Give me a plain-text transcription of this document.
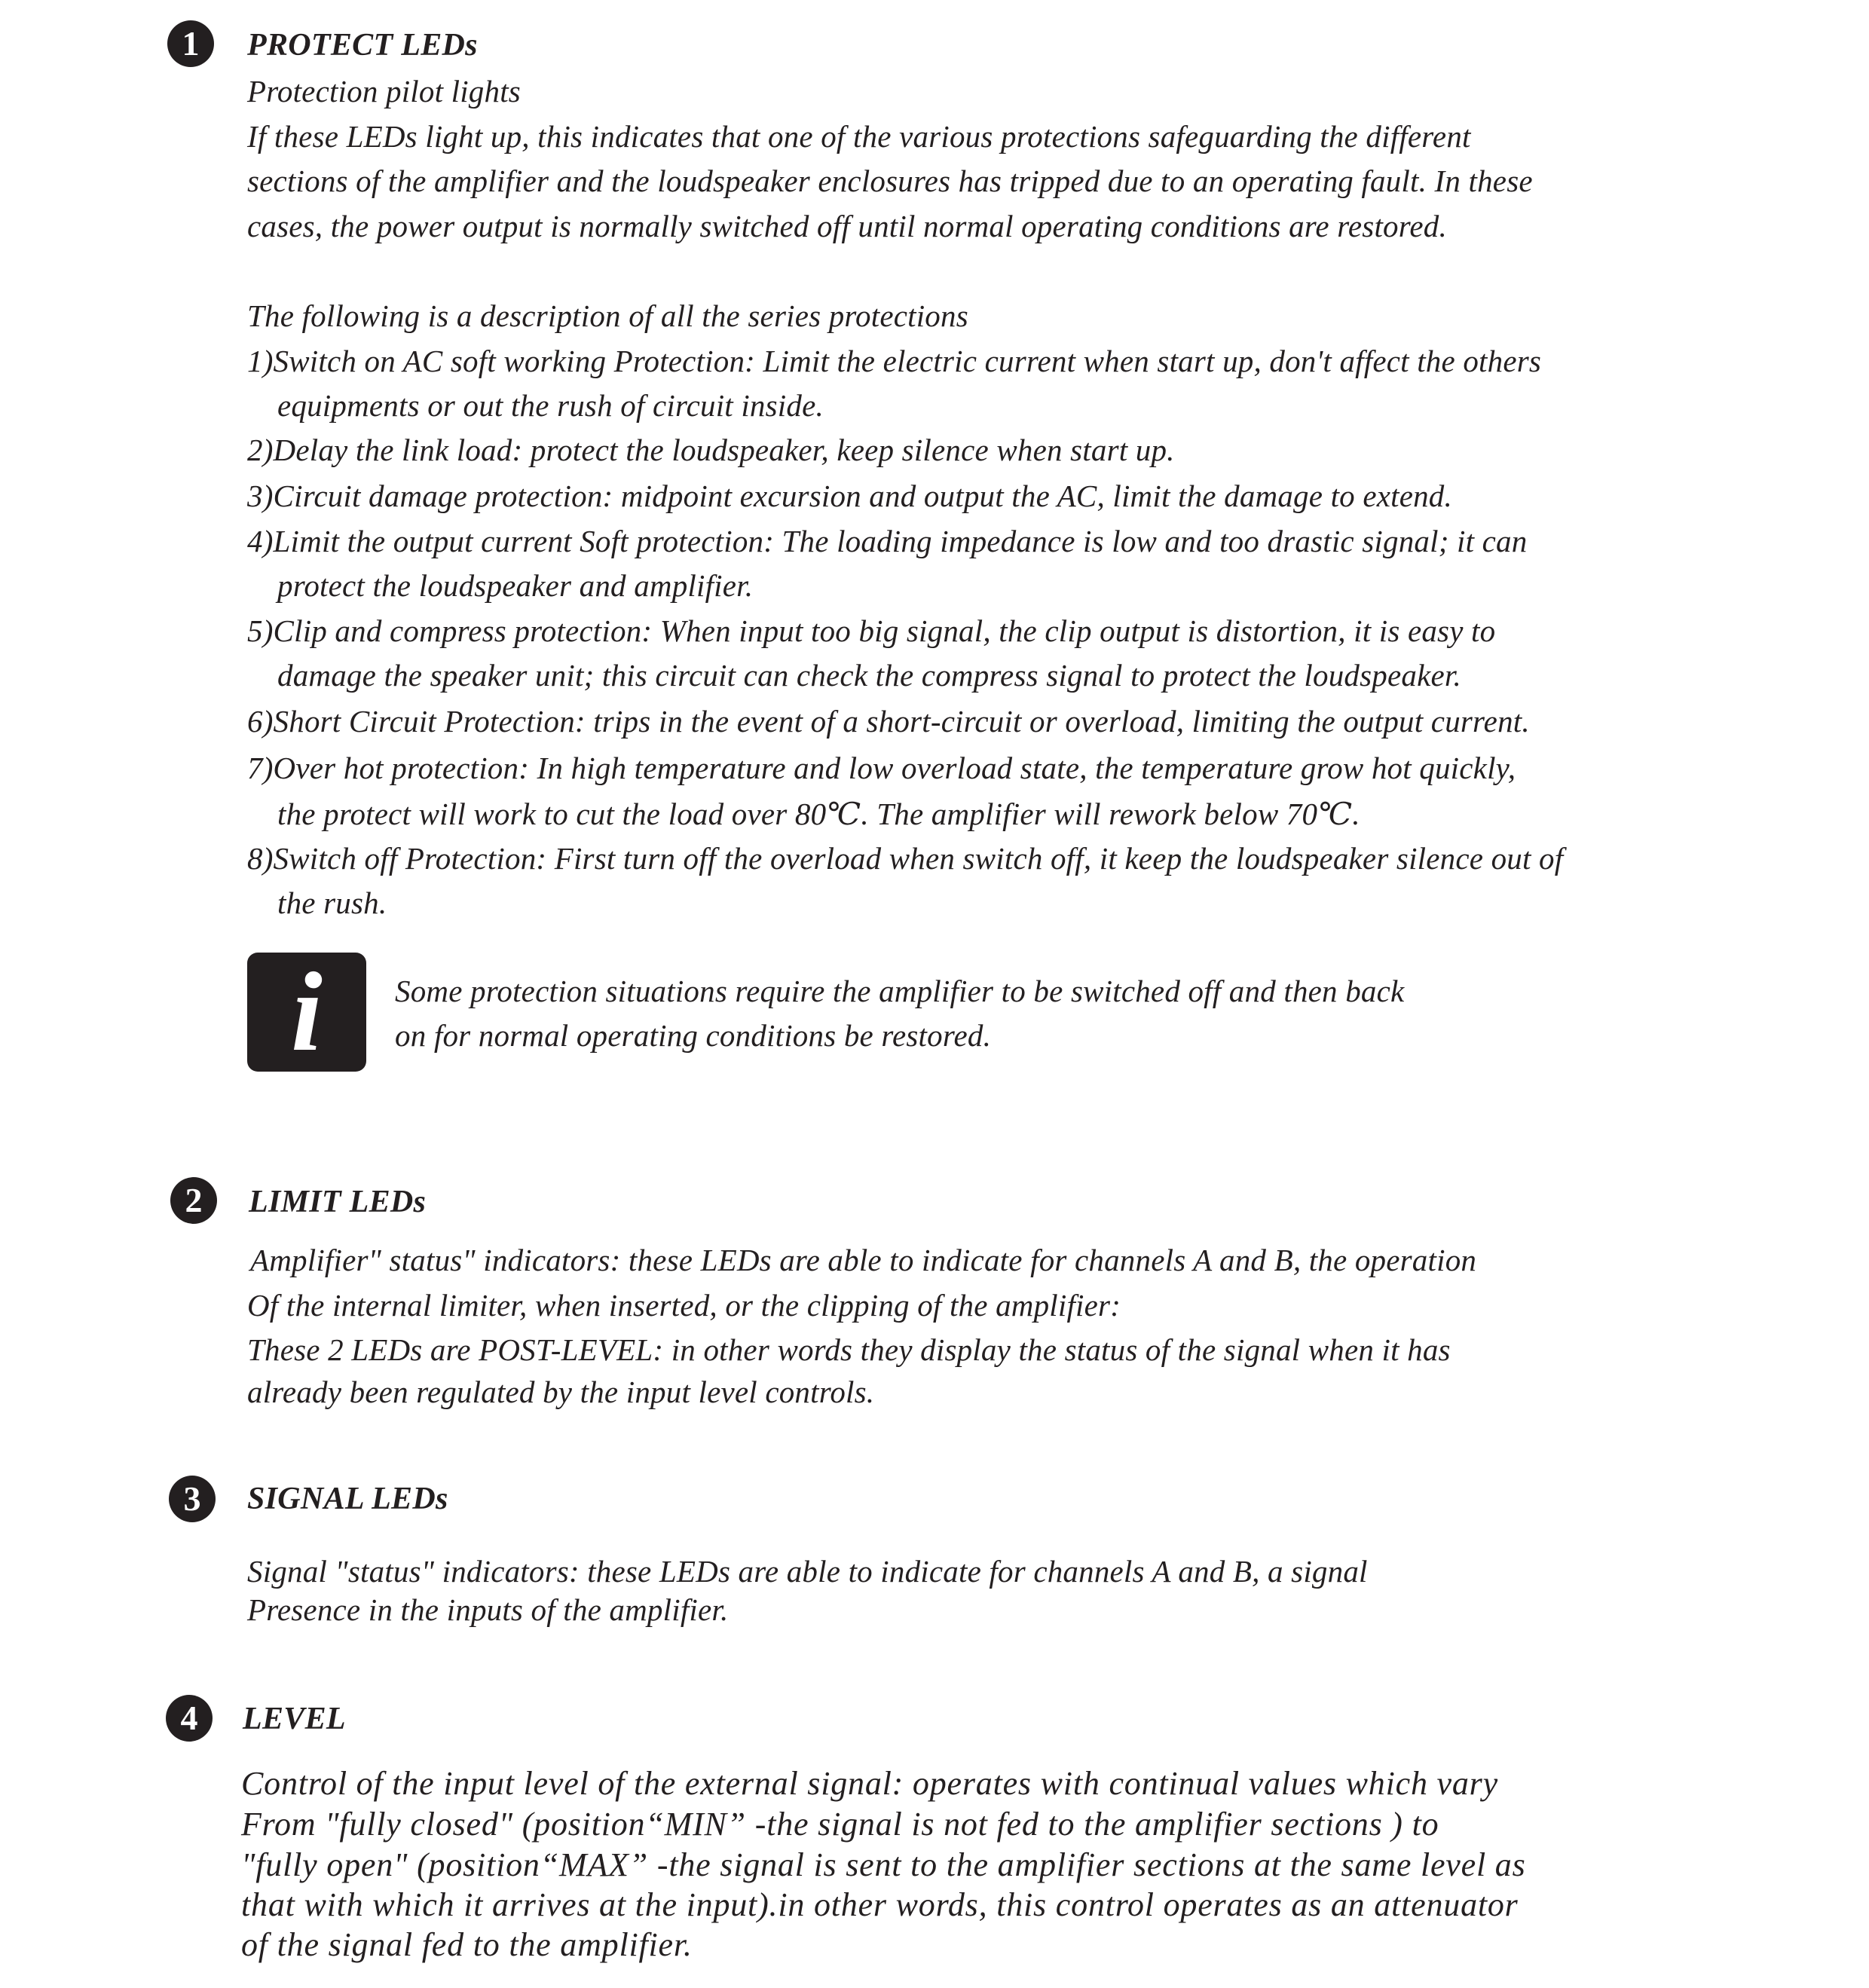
1	PROTECT LEDs
Protection pilot lights
If these LEDs light up, this indicates that one of the various protections safeguarding the different
sections of the amplifier and the loudspeaker enclosures has tripped due to an operating fault. In these
cases, the power output is normally switched off until normal operating conditions are restored.
The following is a description of all the series protections
1)Switch on AC soft working Protection: Limit the electric current when start up, don't affect the others
equipments or out the rush of circuit inside.
2)Delay the link load: protect the loudspeaker, keep silence when start up.
3)Circuit damage protection: midpoint excursion and output the AC, limit the damage to extend.
4)Limit the output current Soft protection: The loading impedance is low and too drastic signal; it can
protect the loudspeaker and amplifier.
5)Clip and compress protection: When input too big signal, the clip output is distortion, it is easy to
damage the speaker unit; this circuit can check the compress signal to protect the loudspeaker.
6)Short Circuit Protection: trips in the event of a short-circuit or overload, limiting the output current.
7)Over hot protection: In high temperature and low overload state, the temperature grow hot quickly,
the protect will work to cut the load over 80℃. The amplifier will rework below 70℃.
8)Switch off Protection: First turn off the overload when switch off, it keep the loudspeaker silence out of
the rush.
i	Some protection situations require the amplifier to be switched off and then back
on for normal operating conditions be restored.
2	LIMIT LEDs
Amplifier" status" indicators: these LEDs are able to indicate for channels A and B, the operation
Of the internal limiter, when inserted, or the clipping of the amplifier:
These 2 LEDs are POST-LEVEL: in other words they display the status of the signal when it has
already been regulated by the input level controls.
3	SIGNAL LEDs
Signal "status" indicators: these LEDs are able to indicate for channels A and B, a signal
Presence in the inputs of the amplifier.
4	LEVEL
Control of the input level of the external signal: operates with continual values which vary
From "fully closed" (position“MIN” -the signal is not fed to the amplifier sections ) to
"fully open" (position“MAX” -the signal is sent to the amplifier sections at the same level as
that with which it arrives at the input).in other words, this control operates as an attenuator
of the signal fed to the amplifier.
